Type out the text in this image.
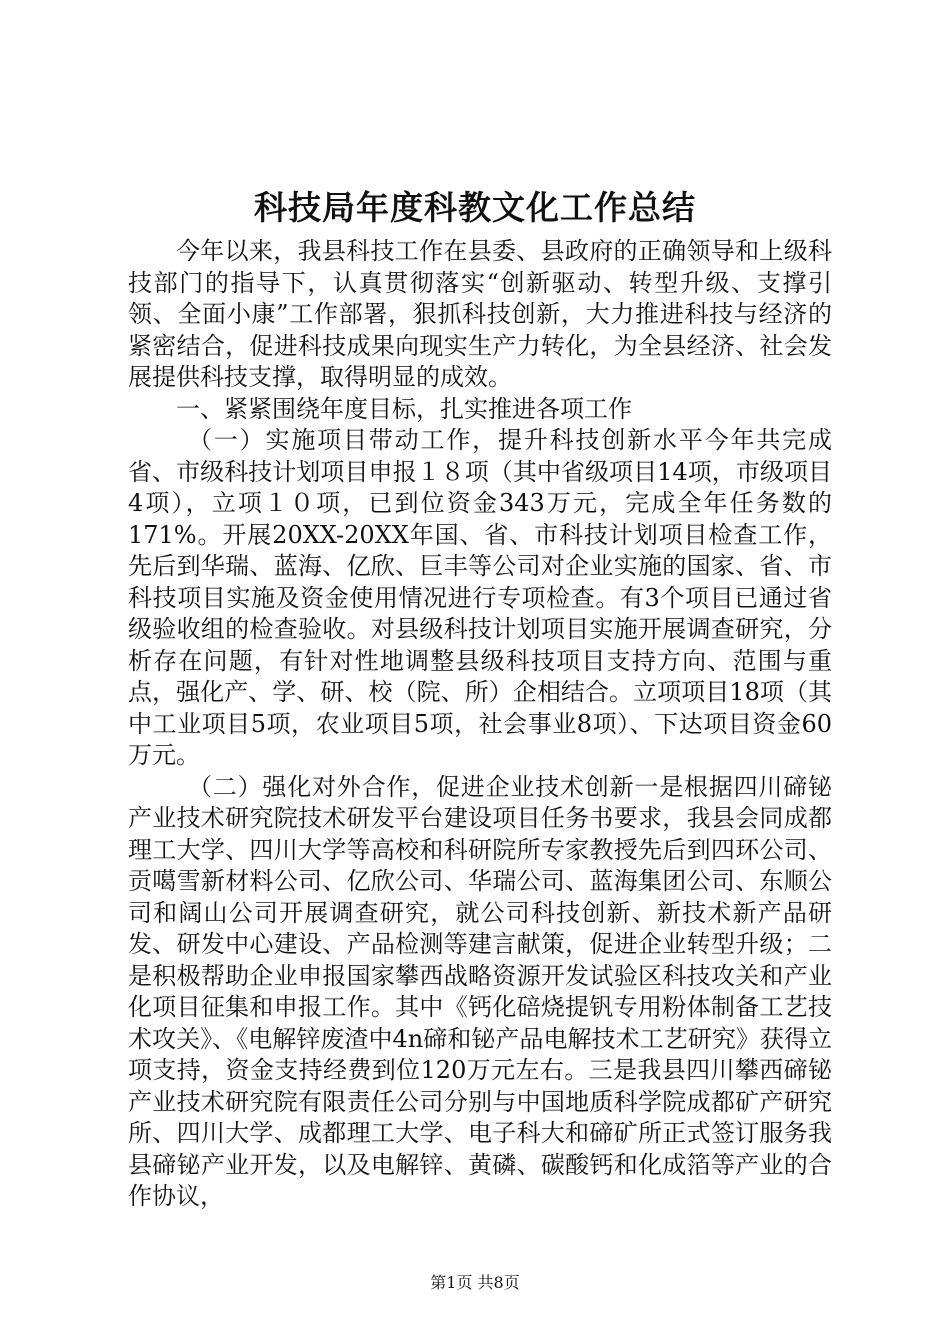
科技局年度科教文化工作总结

今年以来，我县科技工作在县委、县政府的正确领导和上级科技部门的指导下，认真贯彻落实“创新驱动、转型升级、支撑引领、全面小康”工作部署，狠抓科技创新，大力推进科技与经济的紧密结合，促进科技成果向现实生产力转化，为全县经济、社会发展提供科技支撑，取得明显的成效。

一、紧紧围绕年度目标，扎实推进各项工作

（一）实施项目带动工作，提升科技创新水平今年共完成省、市级科技计划项目申报１８项（其中省级项目14项，市级项目4项），立项１０项，已到位资金343万元，完成全年任务数的171%。开展20XX-20XX年国、省、市科技计划项目检查工作，先后到华瑞、蓝海、亿欣、巨丰等公司对企业实施的国家、省、市科技项目实施及资金使用情况进行专项检查。有3个项目已通过省级验收组的检查验收。对县级科技计划项目实施开展调查研究，分析存在问题，有针对性地调整县级科技项目支持方向、范围与重点，强化产、学、研、校（院、所）企相结合。立项项目18项（其中工业项目5项，农业项目5项，社会事业8项）、下达项目资金60万元。

（二）强化对外合作，促进企业技术创新一是根据四川碲铋产业技术研究院技术研发平台建设项目任务书要求，我县会同成都理工大学、四川大学等高校和科研院所专家教授先后到四环公司、贡噶雪新材料公司、亿欣公司、华瑞公司、蓝海集团公司、东顺公司和阔山公司开展调查研究，就公司科技创新、新技术新产品研发、研发中心建设、产品检测等建言献策，促进企业转型升级；二是积极帮助企业申报国家攀西战略资源开发试验区科技攻关和产业化项目征集和申报工作。其中《钙化碚烧提钒专用粉体制备工艺技术攻关》、《电解锌废渣中4n碲和铋产品电解技术工艺研究》获得立项支持，资金支持经费到位120万元左右。三是我县四川攀西碲铋产业技术研究院有限责任公司分别与中国地质科学院成都矿产研究所、四川大学、成都理工大学、电子科大和碲矿所正式签订服务我县碲铋产业开发，以及电解锌、黄磷、碳酸钙和化成箔等产业的合作协议，

第1页 共8页
